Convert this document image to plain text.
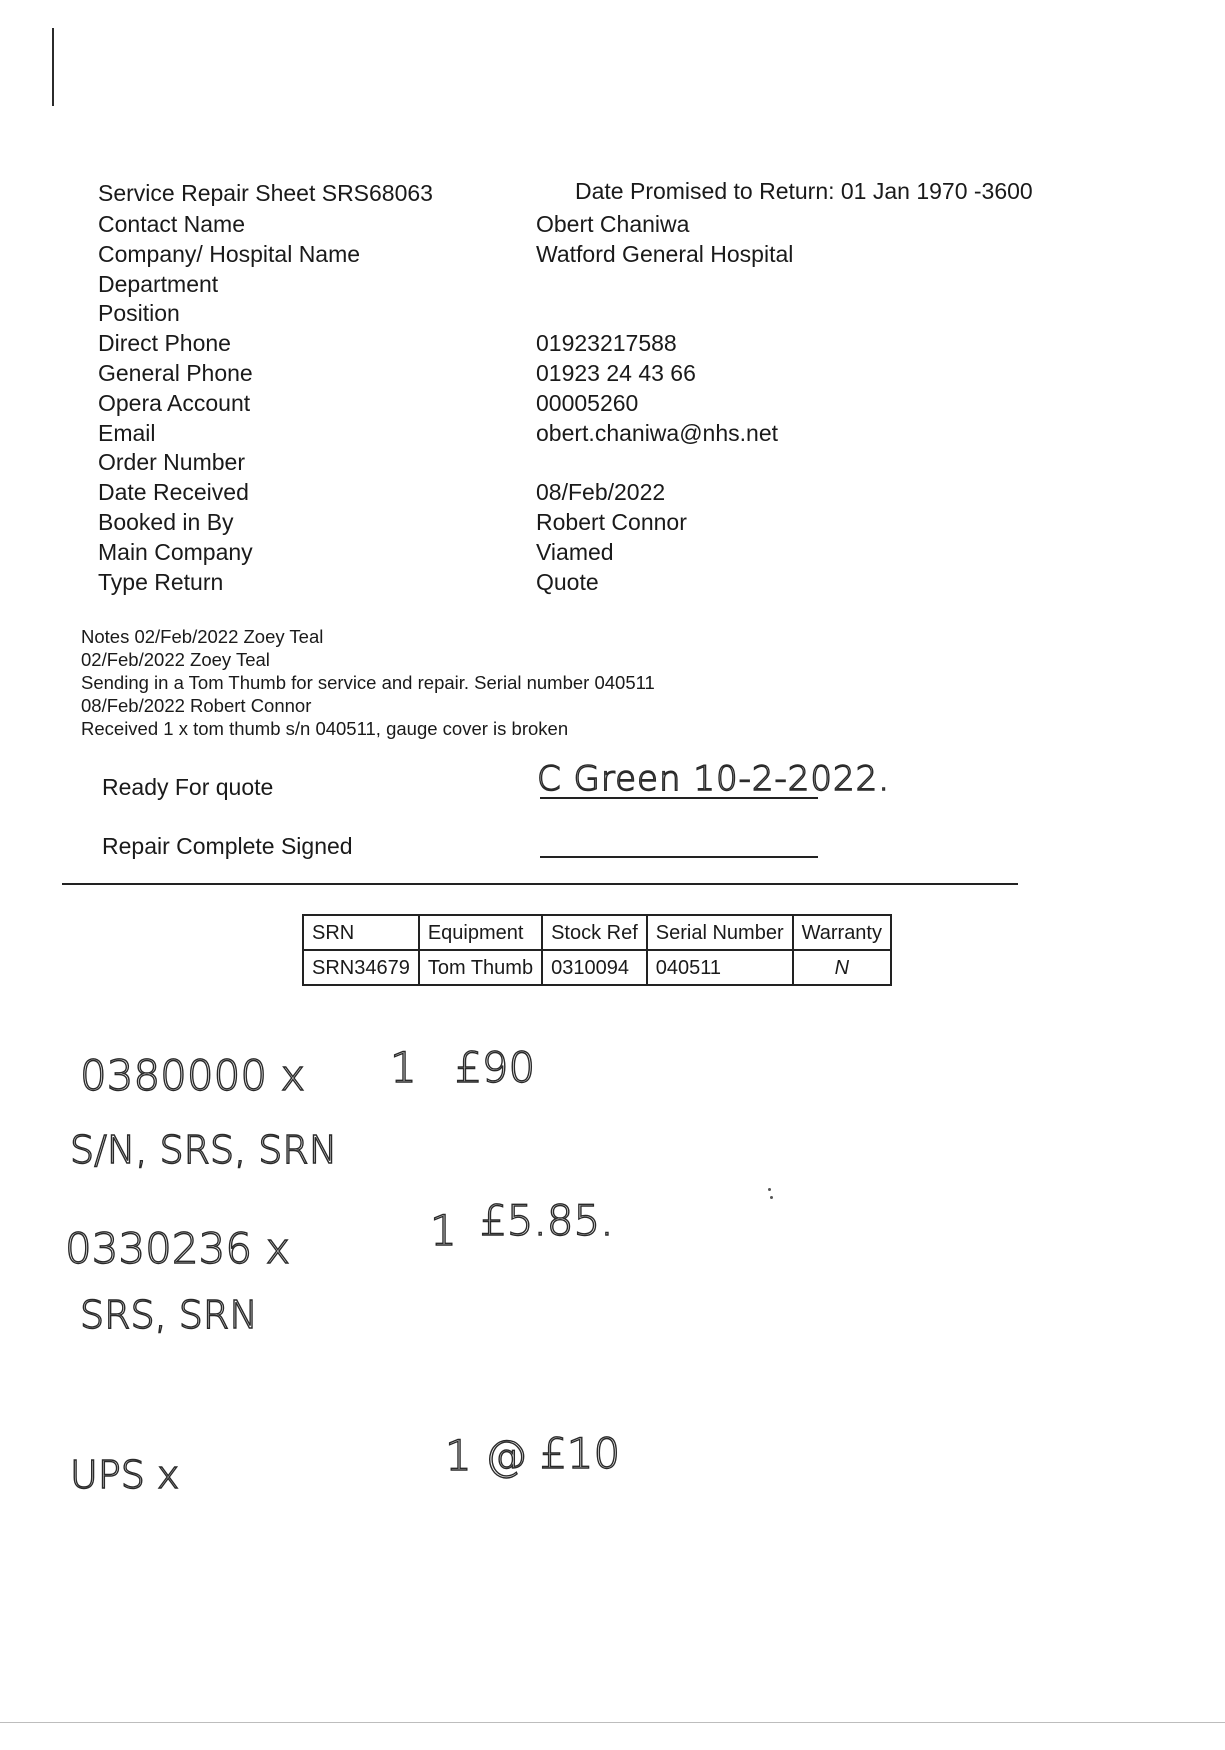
Service Repair Sheet SRS68063	Date Promised to Return: 01 Jan 1970 -3600
Contact Name	Obert Chaniwa
Company/ Hospital Name	Watford General Hospital
Department
Position
Direct Phone	01923217588
General Phone	01923 24 43 66
Opera Account	00005260
Email	obert.chaniwa@nhs.net
Order Number
Date Received	08/Feb/2022
Booked in By	Robert Connor
Main Company	Viamed
Type Return	Quote
Notes 02/Feb/2022 Zoey Teal
02/Feb/2022 Zoey Teal
Sending in a Tom Thumb for service and repair. Serial number 040511
08/Feb/2022 Robert Connor
Received 1 x tom thumb s/n 040511, gauge cover is broken
Ready For quote	C Green 10-2-2022.
Repair Complete Signed
SRN	Equipment	Stock Ref	Serial Number	Warranty
SRN34679	Tom Thumb	0310094	040511	N
0380000 x 1 £90
S/N, SRS, SRN
0330236 x	1 £5.85.
SRS, SRN
UPS x	1 @ £10
